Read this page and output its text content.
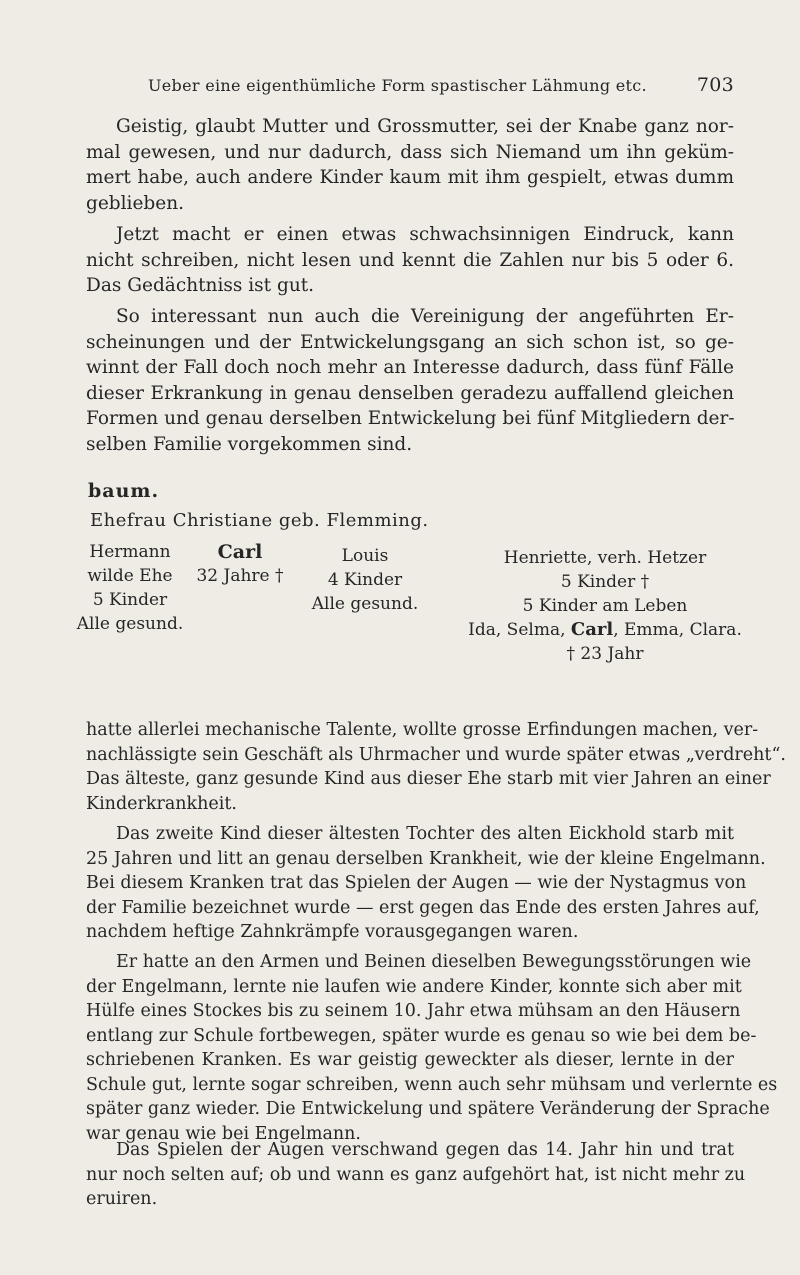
Ueber eine eigenthümliche Form spastischer Lähmung etc.	703

Geistig, glaubt Mutter und Grossmutter, sei der Knabe ganz nor-
mal gewesen, und nur dadurch, dass sich Niemand um ihn geküm-
mert habe, auch andere Kinder kaum mit ihm gespielt, etwas dumm
geblieben.

Jetzt macht er einen etwas schwachsinnigen Eindruck, kann
nicht schreiben, nicht lesen und kennt die Zahlen nur bis 5 oder 6.
Das Gedächtniss ist gut.

So interessant nun auch die Vereinigung der angeführten Er-
scheinungen und der Entwickelungsgang an sich schon ist, so ge-
winnt der Fall doch noch mehr an Interesse dadurch, dass fünf Fälle
dieser Erkrankung in genau denselben geradezu auffallend gleichen
Formen und genau derselben Entwickelung bei fünf Mitgliedern der-
selben Familie vorgekommen sind.

baum.
Ehefrau Christiane geb. Flemming.
Hermann
wilde Ehe
5 Kinder
Alle gesund.
Carl
32 Jahre †
Louis
4 Kinder
Alle gesund.
Henriette, verh. Hetzer
5 Kinder †
5 Kinder am Leben
Ida, Selma, Carl, Emma, Clara.
† 23 Jahr

hatte allerlei mechanische Talente, wollte grosse Erfindungen machen, ver-
nachlässigte sein Geschäft als Uhrmacher und wurde später etwas „verdreht“.
Das älteste, ganz gesunde Kind aus dieser Ehe starb mit vier Jahren an einer
Kinderkrankheit.

Das zweite Kind dieser ältesten Tochter des alten Eickhold starb mit
25 Jahren und litt an genau derselben Krankheit, wie der kleine Engelmann.
Bei diesem Kranken trat das Spielen der Augen — wie der Nystagmus von
der Familie bezeichnet wurde — erst gegen das Ende des ersten Jahres auf,
nachdem heftige Zahnkrämpfe vorausgegangen waren.

Er hatte an den Armen und Beinen dieselben Bewegungsstörungen wie
der Engelmann, lernte nie laufen wie andere Kinder, konnte sich aber mit
Hülfe eines Stockes bis zu seinem 10. Jahr etwa mühsam an den Häusern
entlang zur Schule fortbewegen, später wurde es genau so wie bei dem be-
schriebenen Kranken. Es war geistig geweckter als dieser, lernte in der
Schule gut, lernte sogar schreiben, wenn auch sehr mühsam und verlernte es
später ganz wieder. Die Entwickelung und spätere Veränderung der Sprache
war genau wie bei Engelmann.

Das Spielen der Augen verschwand gegen das 14. Jahr hin und trat
nur noch selten auf; ob und wann es ganz aufgehört hat, ist nicht mehr zu
eruiren.
